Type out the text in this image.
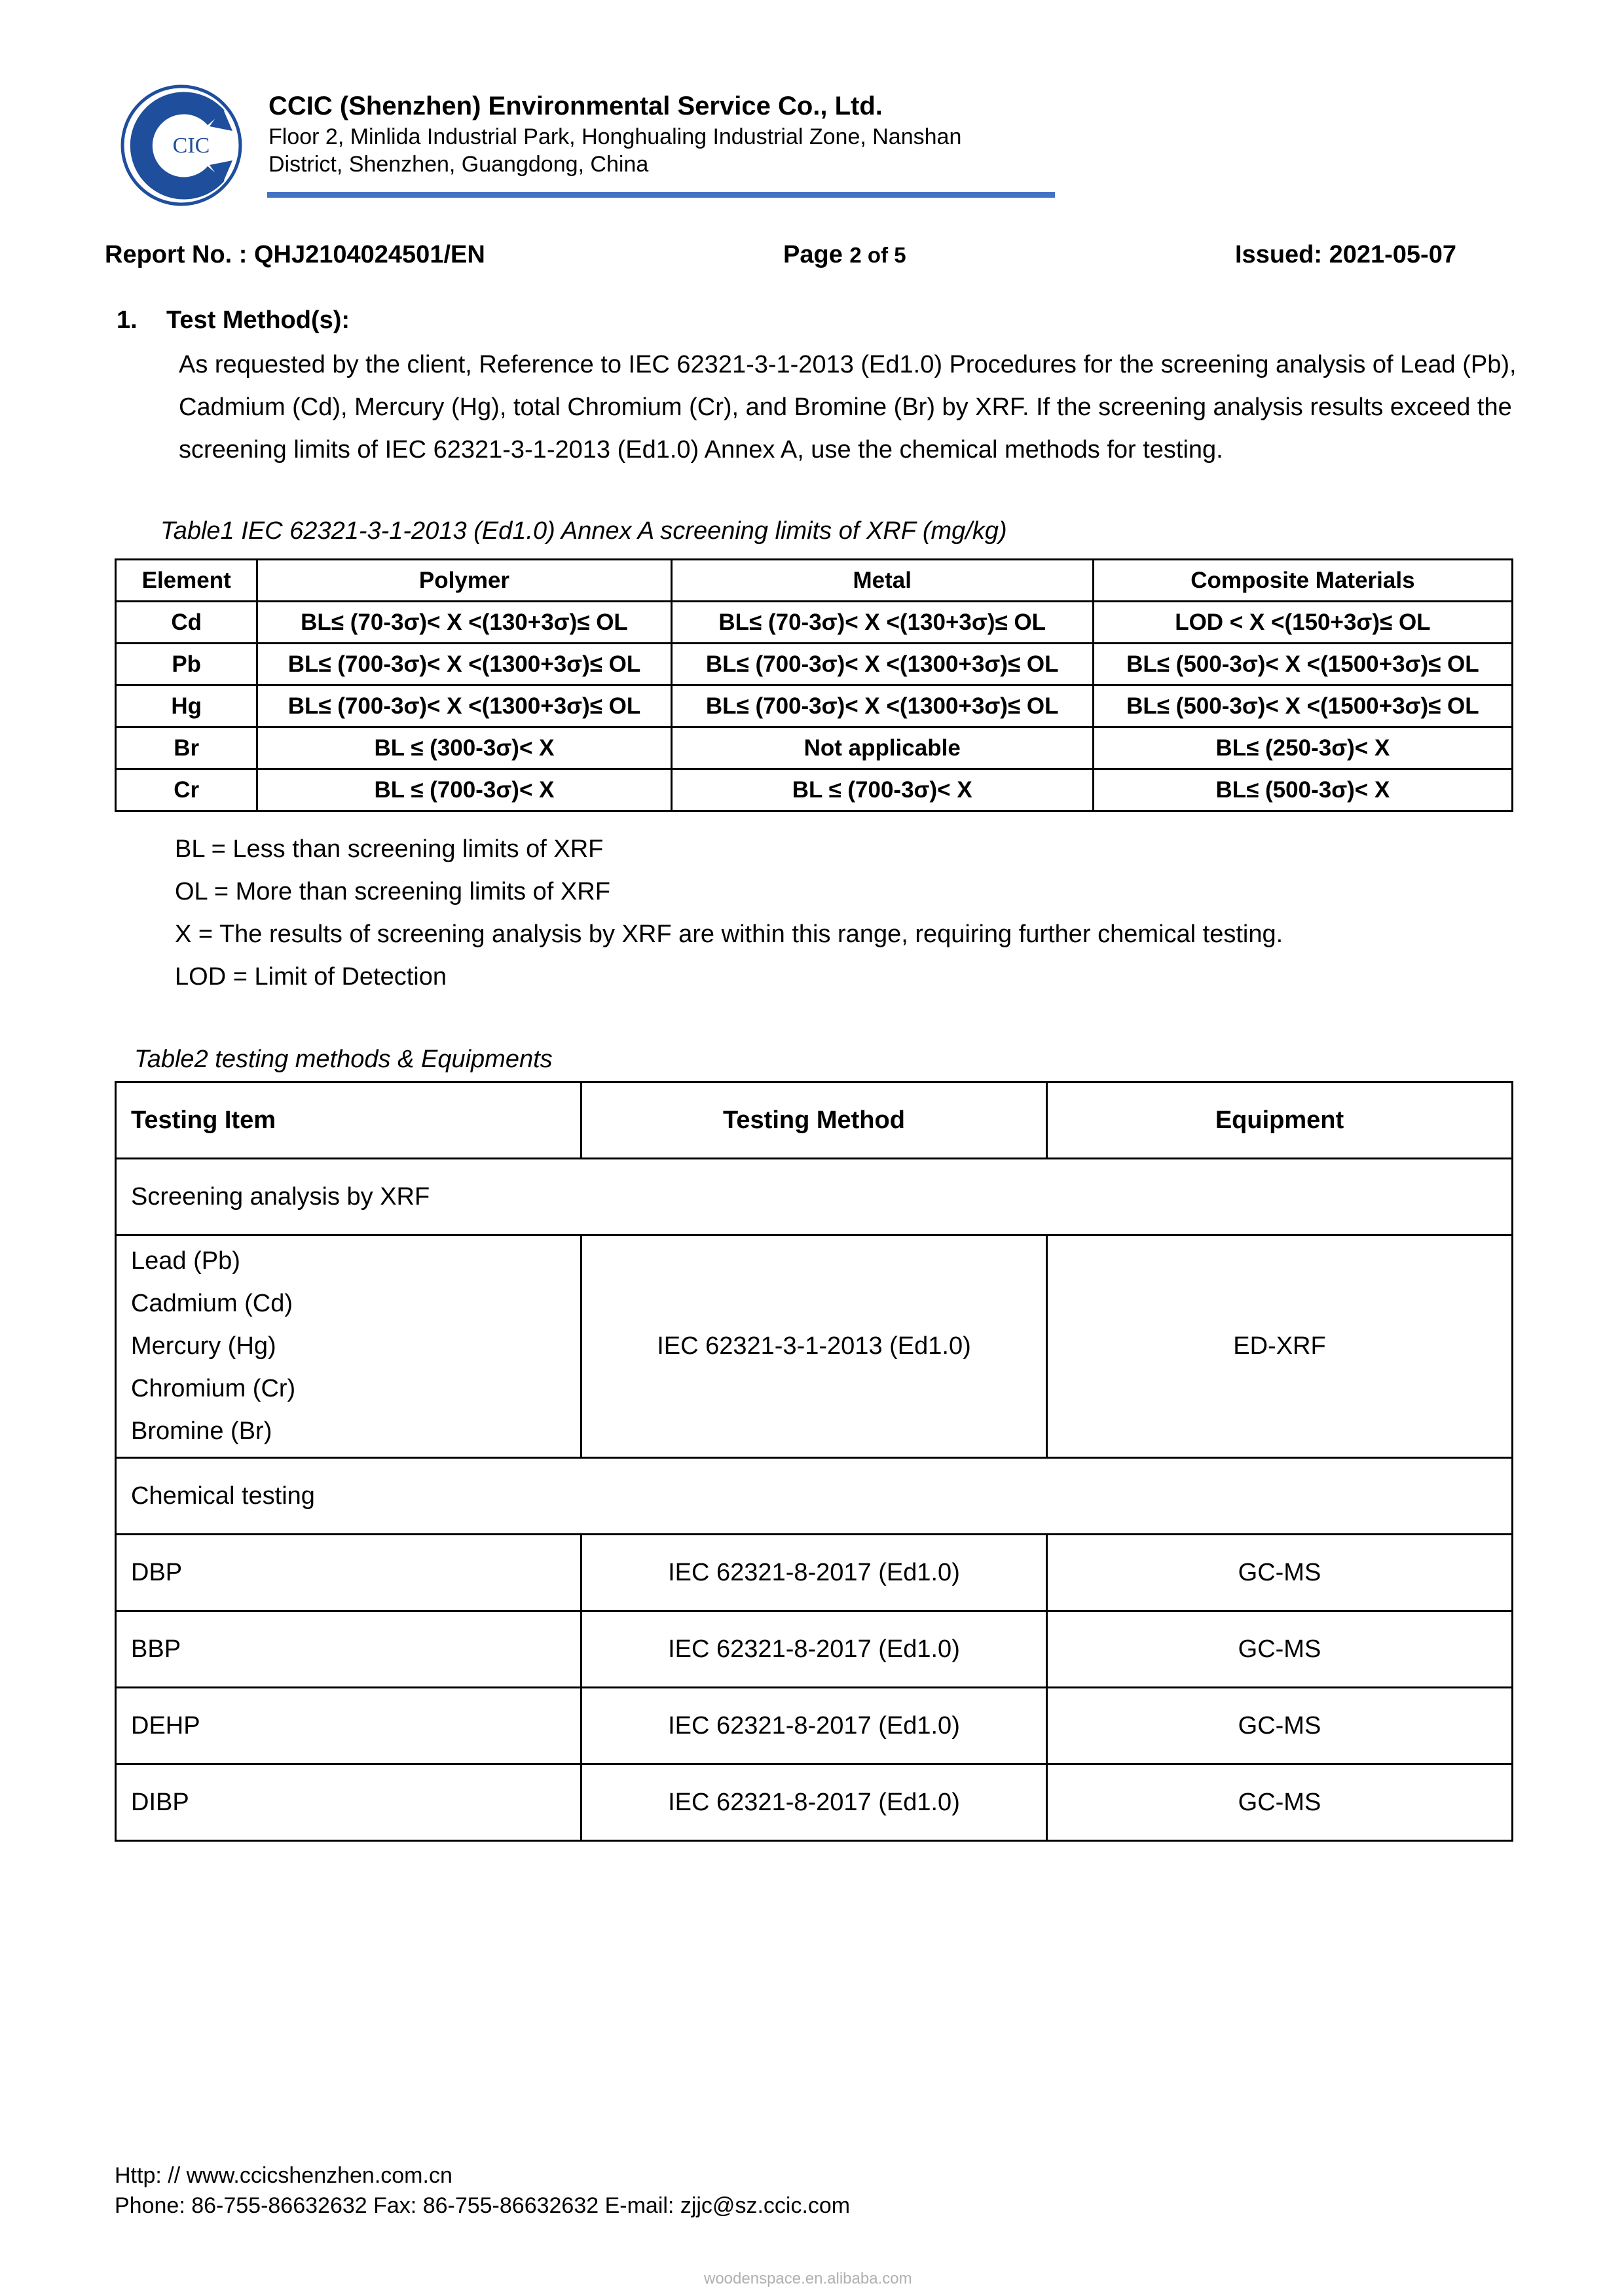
CIC
CCIC (Shenzhen) Environmental Service Co., Ltd.
Floor 2, Minlida Industrial Park, Honghualing Industrial Zone, Nanshan
District, Shenzhen, Guangdong, China
Report No. : QHJ2104024501/EN	Page 2 of 5	Issued: 2021-05-07
1. Test Method(s):
As requested by the client, Reference to IEC 62321-3-1-2013 (Ed1.0) Procedures for the screening analysis of Lead (Pb), Cadmium (Cd), Mercury (Hg), total Chromium (Cr), and Bromine (Br) by XRF. If the screening analysis results exceed the screening limits of IEC 62321-3-1-2013 (Ed1.0) Annex A, use the chemical methods for testing.
Table1 IEC 62321-3-1-2013 (Ed1.0) Annex A screening limits of XRF (mg/kg)
Element	Polymer	Metal	Composite Materials
Cd	BL≤ (70-3σ)< X <(130+3σ)≤ OL	BL≤ (70-3σ)< X <(130+3σ)≤ OL	LOD < X <(150+3σ)≤ OL
Pb	BL≤ (700-3σ)< X <(1300+3σ)≤ OL	BL≤ (700-3σ)< X <(1300+3σ)≤ OL	BL≤ (500-3σ)< X <(1500+3σ)≤ OL
Hg	BL≤ (700-3σ)< X <(1300+3σ)≤ OL	BL≤ (700-3σ)< X <(1300+3σ)≤ OL	BL≤ (500-3σ)< X <(1500+3σ)≤ OL
Br	BL ≤ (300-3σ)< X	Not applicable	BL≤ (250-3σ)< X
Cr	BL ≤ (700-3σ)< X	BL ≤ (700-3σ)< X	BL≤ (500-3σ)< X
BL = Less than screening limits of XRF
OL = More than screening limits of XRF
X = The results of screening analysis by XRF are within this range, requiring further chemical testing.
LOD = Limit of Detection
Table2 testing methods & Equipments
Testing Item	Testing Method	Equipment
Screening analysis by XRF		

Lead (Pb)
Cadmium (Cd)
Mercury (Hg)
Chromium (Cr)
Bromine (Br)	IEC 62321-3-1-2013 (Ed1.0)	ED-XRF
Chemical testing		
DBP	IEC 62321-8-2017 (Ed1.0)	GC-MS
BBP	IEC 62321-8-2017 (Ed1.0)	GC-MS
DEHP	IEC 62321-8-2017 (Ed1.0)	GC-MS
DIBP	IEC 62321-8-2017 (Ed1.0)	GC-MS
Http: // www.ccicshenzhen.com.cn
Phone: 86-755-86632632 Fax: 86-755-86632632 E-mail: zjjc@sz.ccic.com
woodenspace.en.alibaba.com
